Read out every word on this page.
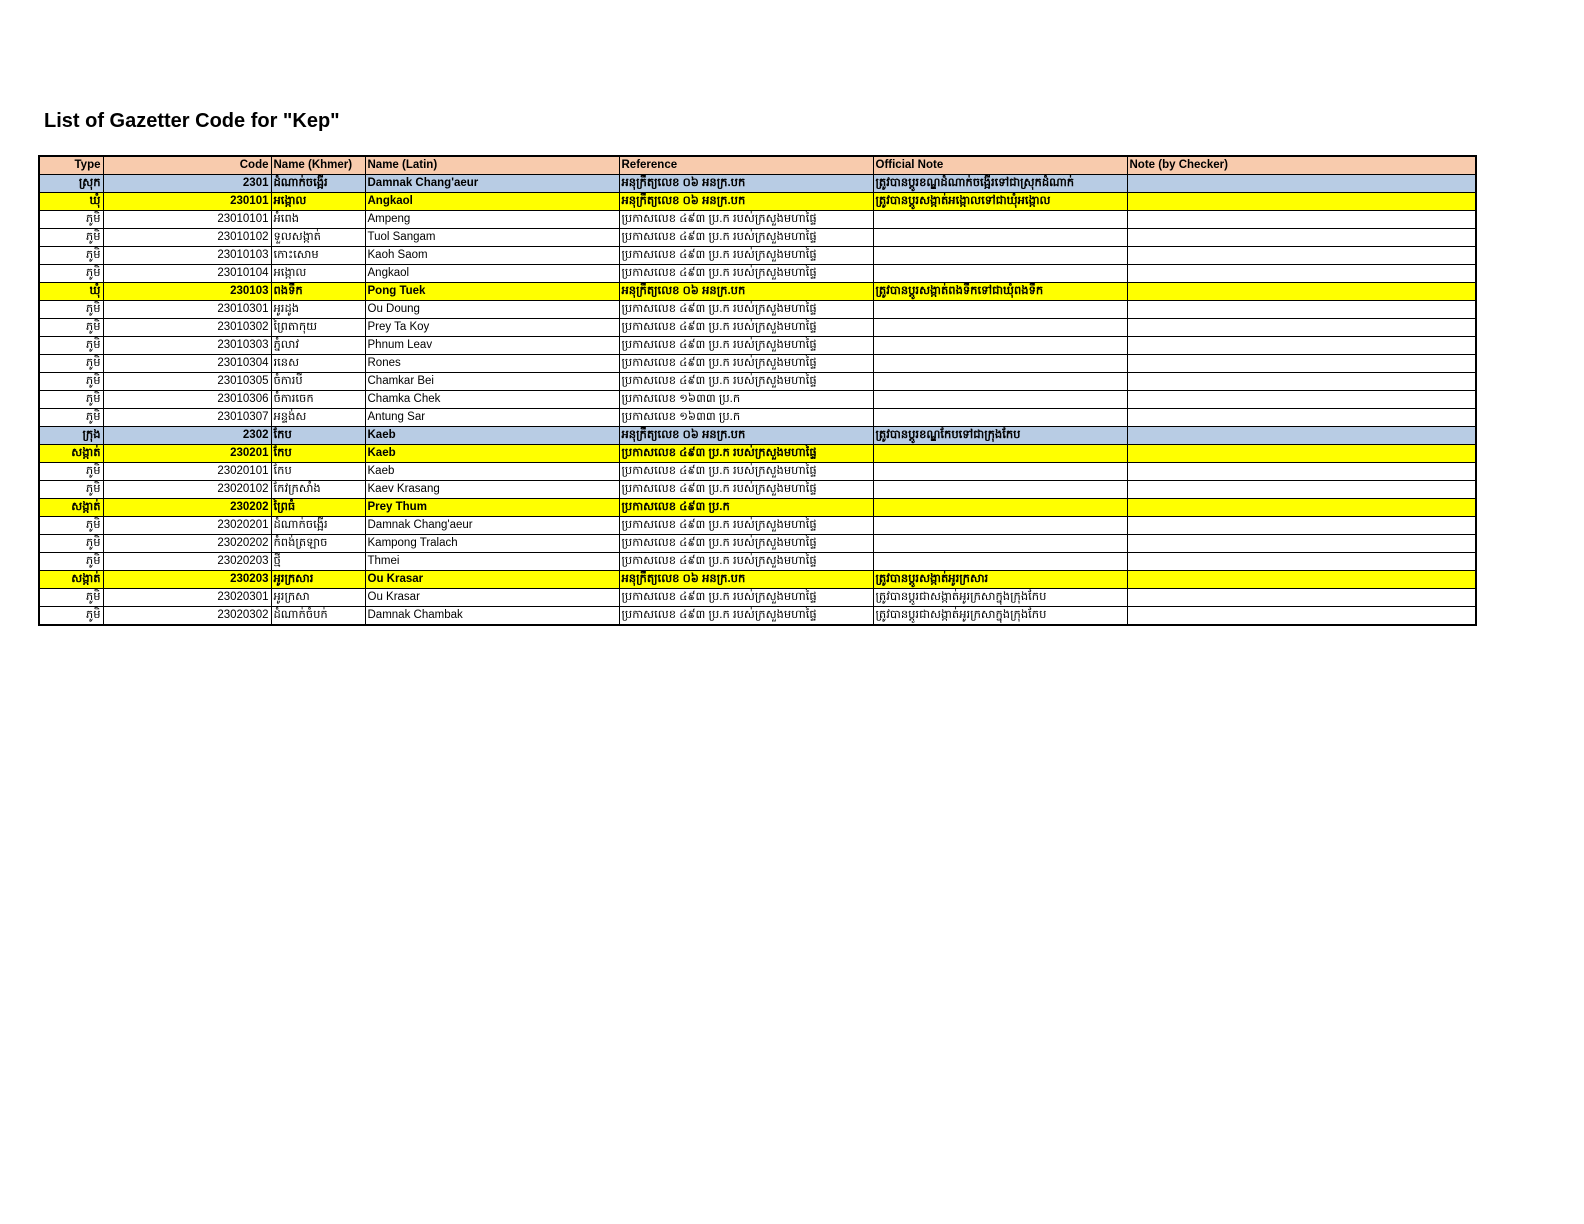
List of Gazetter Code for "Kep"
Type	Code	Name (Khmer)	Name (Latin)	Reference	Official Note	Note (by Checker)
ស្រុក	2301	ដំណាក់ចង្អើរ	Damnak Chang'aeur	អនុក្រឹត្យលេខ ០៦ អនក្រ.បក	ត្រូវបានប្តូរខណ្ឌដំណាក់ចង្អើរទៅជាស្រុកដំណាក់	
ឃុំ	230101	អង្កោល	Angkaol	អនុក្រឹត្យលេខ ០៦ អនក្រ.បក	ត្រូវបានប្តូរសង្កាត់អង្កោលទៅជាឃុំអង្កោល	
ភូមិ	23010101	អំពេង	Ampeng	ប្រកាសលេខ ៤៩៣ ប្រ.ក របស់ក្រសួងមហាផ្ទៃ		
ភូមិ	23010102	ទួលសង្កាត់	Tuol Sangam	ប្រកាសលេខ ៤៩៣ ប្រ.ក របស់ក្រសួងមហាផ្ទៃ		
ភូមិ	23010103	កោះសោម	Kaoh Saom	ប្រកាសលេខ ៤៩៣ ប្រ.ក របស់ក្រសួងមហាផ្ទៃ		
ភូមិ	23010104	អង្កោល	Angkaol	ប្រកាសលេខ ៤៩៣ ប្រ.ក របស់ក្រសួងមហាផ្ទៃ		
ឃុំ	230103	ពងទឹក	Pong Tuek	អនុក្រឹត្យលេខ ០៦ អនក្រ.បក	ត្រូវបានប្តូរសង្កាត់ពងទឹកទៅជាឃុំពងទឹក	
ភូមិ	23010301	អូរដូង	Ou Doung	ប្រកាសលេខ ៤៩៣ ប្រ.ក របស់ក្រសួងមហាផ្ទៃ		
ភូមិ	23010302	ព្រៃតាកុយ	Prey Ta Koy	ប្រកាសលេខ ៤៩៣ ប្រ.ក របស់ក្រសួងមហាផ្ទៃ		
ភូមិ	23010303	ភ្នំលាវ	Phnum Leav	ប្រកាសលេខ ៤៩៣ ប្រ.ក របស់ក្រសួងមហាផ្ទៃ		
ភូមិ	23010304	រនេស	Rones	ប្រកាសលេខ ៤៩៣ ប្រ.ក របស់ក្រសួងមហាផ្ទៃ		
ភូមិ	23010305	ចំការបី	Chamkar Bei	ប្រកាសលេខ ៤៩៣ ប្រ.ក របស់ក្រសួងមហាផ្ទៃ		
ភូមិ	23010306	ចំការចេក	Chamka Chek	ប្រកាសលេខ ១៦៣៣ ប្រ.ក		
ភូមិ	23010307	អន្ទង់ស	Antung Sar	ប្រកាសលេខ ១៦៣៣ ប្រ.ក		
ក្រុង	2302	កែប	Kaeb	អនុក្រឹត្យលេខ ០៦ អនក្រ.បក	ត្រូវបានប្តូរខណ្ឌកែបទៅជាក្រុងកែប	
សង្កាត់	230201	កែប	Kaeb	ប្រកាសលេខ ៤៩៣ ប្រ.ក របស់ក្រសួងមហាផ្ទៃ		
ភូមិ	23020101	កែប	Kaeb	ប្រកាសលេខ ៤៩៣ ប្រ.ក របស់ក្រសួងមហាផ្ទៃ		
ភូមិ	23020102	កែវក្រសាំង	Kaev Krasang	ប្រកាសលេខ ៤៩៣ ប្រ.ក របស់ក្រសួងមហាផ្ទៃ		
សង្កាត់	230202	ព្រៃធំ	Prey Thum	ប្រកាសលេខ ៤៩៣ ប្រ.ក		
ភូមិ	23020201	ដំណាក់ចង្អើរ	Damnak Chang'aeur	ប្រកាសលេខ ៤៩៣ ប្រ.ក របស់ក្រសួងមហាផ្ទៃ		
ភូមិ	23020202	កំពង់ត្រឡាច	Kampong Tralach	ប្រកាសលេខ ៤៩៣ ប្រ.ក របស់ក្រសួងមហាផ្ទៃ		
ភូមិ	23020203	ថ្មី	Thmei	ប្រកាសលេខ ៤៩៣ ប្រ.ក របស់ក្រសួងមហាផ្ទៃ		
សង្កាត់	230203	អូរក្រសារ	Ou Krasar	អនុក្រឹត្យលេខ ០៦ អនក្រ.បក	ត្រូវបានប្តូរសង្កាត់អូរក្រសារ	
ភូមិ	23020301	អូរក្រសា	Ou Krasar	ប្រកាសលេខ ៤៩៣ ប្រ.ក របស់ក្រសួងមហាផ្ទៃ	ត្រូវបានប្តូរជាសង្កាត់អូរក្រសាក្នុងក្រុងកែប	
ភូមិ	23020302	ដំណាក់ចំបក់	Damnak Chambak	ប្រកាសលេខ ៤៩៣ ប្រ.ក របស់ក្រសួងមហាផ្ទៃ	ត្រូវបានប្តូរជាសង្កាត់អូរក្រសាក្នុងក្រុងកែប	
